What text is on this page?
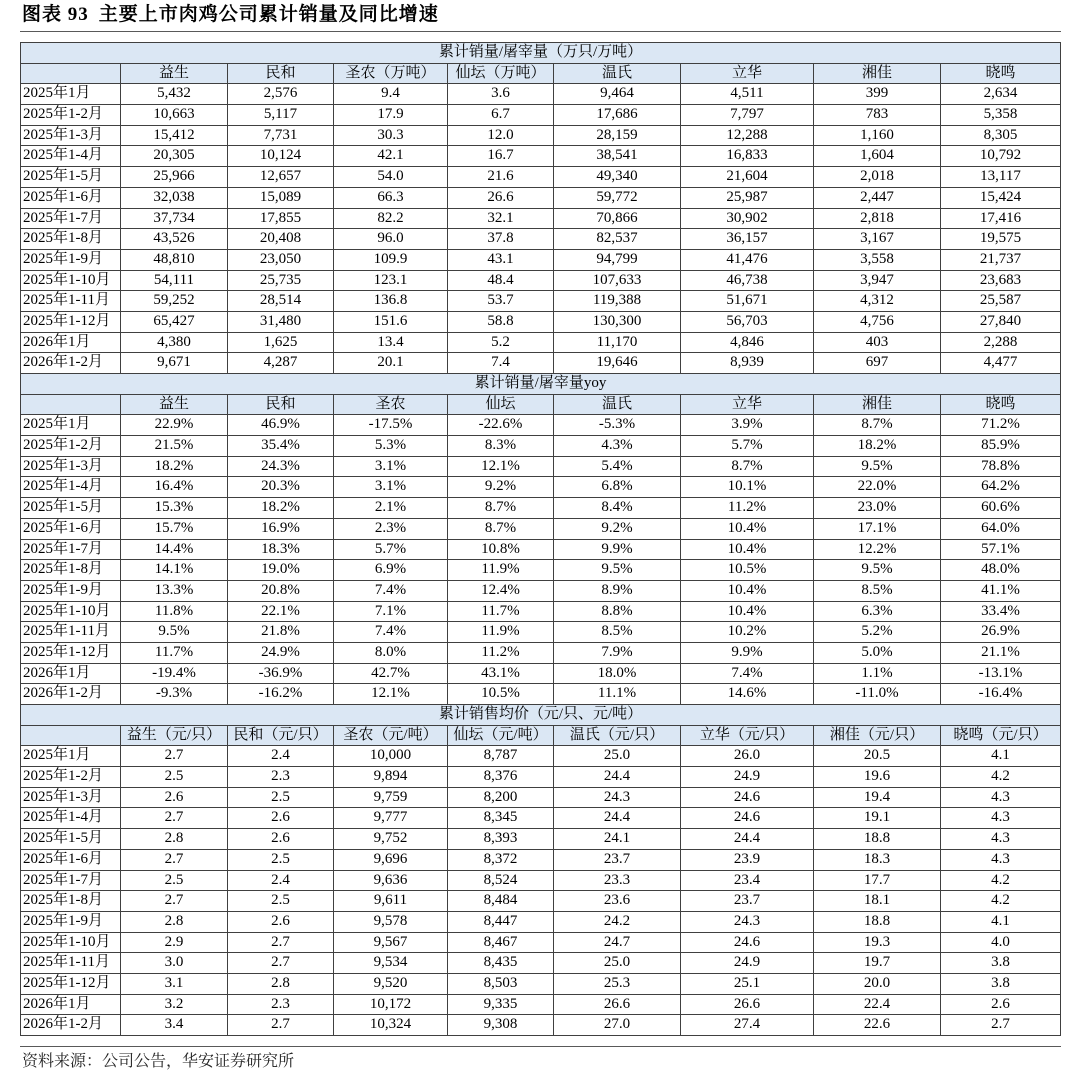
图表 93 主要上市肉鸡公司累计销量及同比增速
累计销量/屠宰量（万只/万吨）
益生	民和	圣农（万吨）	仙坛（万吨）	温氏	立华	湘佳	晓鸣
2025年1月	5,432	2,576	9.4	3.6	9,464	4,511	399	2,634
2025年1-2月	10,663	5,117	17.9	6.7	17,686	7,797	783	5,358
2025年1-3月	15,412	7,731	30.3	12.0	28,159	12,288	1,160	8,305
2025年1-4月	20,305	10,124	42.1	16.7	38,541	16,833	1,604	10,792
2025年1-5月	25,966	12,657	54.0	21.6	49,340	21,604	2,018	13,117
2025年1-6月	32,038	15,089	66.3	26.6	59,772	25,987	2,447	15,424
2025年1-7月	37,734	17,855	82.2	32.1	70,866	30,902	2,818	17,416
2025年1-8月	43,526	20,408	96.0	37.8	82,537	36,157	3,167	19,575
2025年1-9月	48,810	23,050	109.9	43.1	94,799	41,476	3,558	21,737
2025年1-10月	54,111	25,735	123.1	48.4	107,633	46,738	3,947	23,683
2025年1-11月	59,252	28,514	136.8	53.7	119,388	51,671	4,312	25,587
2025年1-12月	65,427	31,480	151.6	58.8	130,300	56,703	4,756	27,840
2026年1月	4,380	1,625	13.4	5.2	11,170	4,846	403	2,288
2026年1-2月	9,671	4,287	20.1	7.4	19,646	8,939	697	4,477
累计销量/屠宰量yoy
益生	民和	圣农	仙坛	温氏	立华	湘佳	晓鸣
2025年1月	22.9%	46.9%	-17.5%	-22.6%	-5.3%	3.9%	8.7%	71.2%
2025年1-2月	21.5%	35.4%	5.3%	8.3%	4.3%	5.7%	18.2%	85.9%
2025年1-3月	18.2%	24.3%	3.1%	12.1%	5.4%	8.7%	9.5%	78.8%
2025年1-4月	16.4%	20.3%	3.1%	9.2%	6.8%	10.1%	22.0%	64.2%
2025年1-5月	15.3%	18.2%	2.1%	8.7%	8.4%	11.2%	23.0%	60.6%
2025年1-6月	15.7%	16.9%	2.3%	8.7%	9.2%	10.4%	17.1%	64.0%
2025年1-7月	14.4%	18.3%	5.7%	10.8%	9.9%	10.4%	12.2%	57.1%
2025年1-8月	14.1%	19.0%	6.9%	11.9%	9.5%	10.5%	9.5%	48.0%
2025年1-9月	13.3%	20.8%	7.4%	12.4%	8.9%	10.4%	8.5%	41.1%
2025年1-10月	11.8%	22.1%	7.1%	11.7%	8.8%	10.4%	6.3%	33.4%
2025年1-11月	9.5%	21.8%	7.4%	11.9%	8.5%	10.2%	5.2%	26.9%
2025年1-12月	11.7%	24.9%	8.0%	11.2%	7.9%	9.9%	5.0%	21.1%
2026年1月	-19.4%	-36.9%	42.7%	43.1%	18.0%	7.4%	1.1%	-13.1%
2026年1-2月	-9.3%	-16.2%	12.1%	10.5%	11.1%	14.6%	-11.0%	-16.4%
累计销售均价（元/只、元/吨）
益生（元/只） 民和（元/只）	圣农（元/吨）	仙坛（元/吨）	温氏（元/只）	立华（元/只）	湘佳（元/只）	晓鸣（元/只）
2025年1月	2.7	2.4	10,000	8,787	25.0	26.0	20.5	4.1
2025年1-2月	2.5	2.3	9,894	8,376	24.4	24.9	19.6	4.2
2025年1-3月	2.6	2.5	9,759	8,200	24.3	24.6	19.4	4.3
2025年1-4月	2.7	2.6	9,777	8,345	24.4	24.6	19.1	4.3
2025年1-5月	2.8	2.6	9,752	8,393	24.1	24.4	18.8	4.3
2025年1-6月	2.7	2.5	9,696	8,372	23.7	23.9	18.3	4.3
2025年1-7月	2.5	2.4	9,636	8,524	23.3	23.4	17.7	4.2
2025年1-8月	2.7	2.5	9,611	8,484	23.6	23.7	18.1	4.2
2025年1-9月	2.8	2.6	9,578	8,447	24.2	24.3	18.8	4.1
2025年1-10月	2.9	2.7	9,567	8,467	24.7	24.6	19.3	4.0
2025年1-11月	3.0	2.7	9,534	8,435	25.0	24.9	19.7	3.8
2025年1-12月	3.1	2.8	9,520	8,503	25.3	25.1	20.0	3.8
2026年1月	3.2	2.3	10,172	9,335	26.6	26.6	22.4	2.6
2026年1-2月	3.4	2.7	10,324	9,308	27.0	27.4	22.6	2.7
资料来源：公司公告，华安证券研究所
